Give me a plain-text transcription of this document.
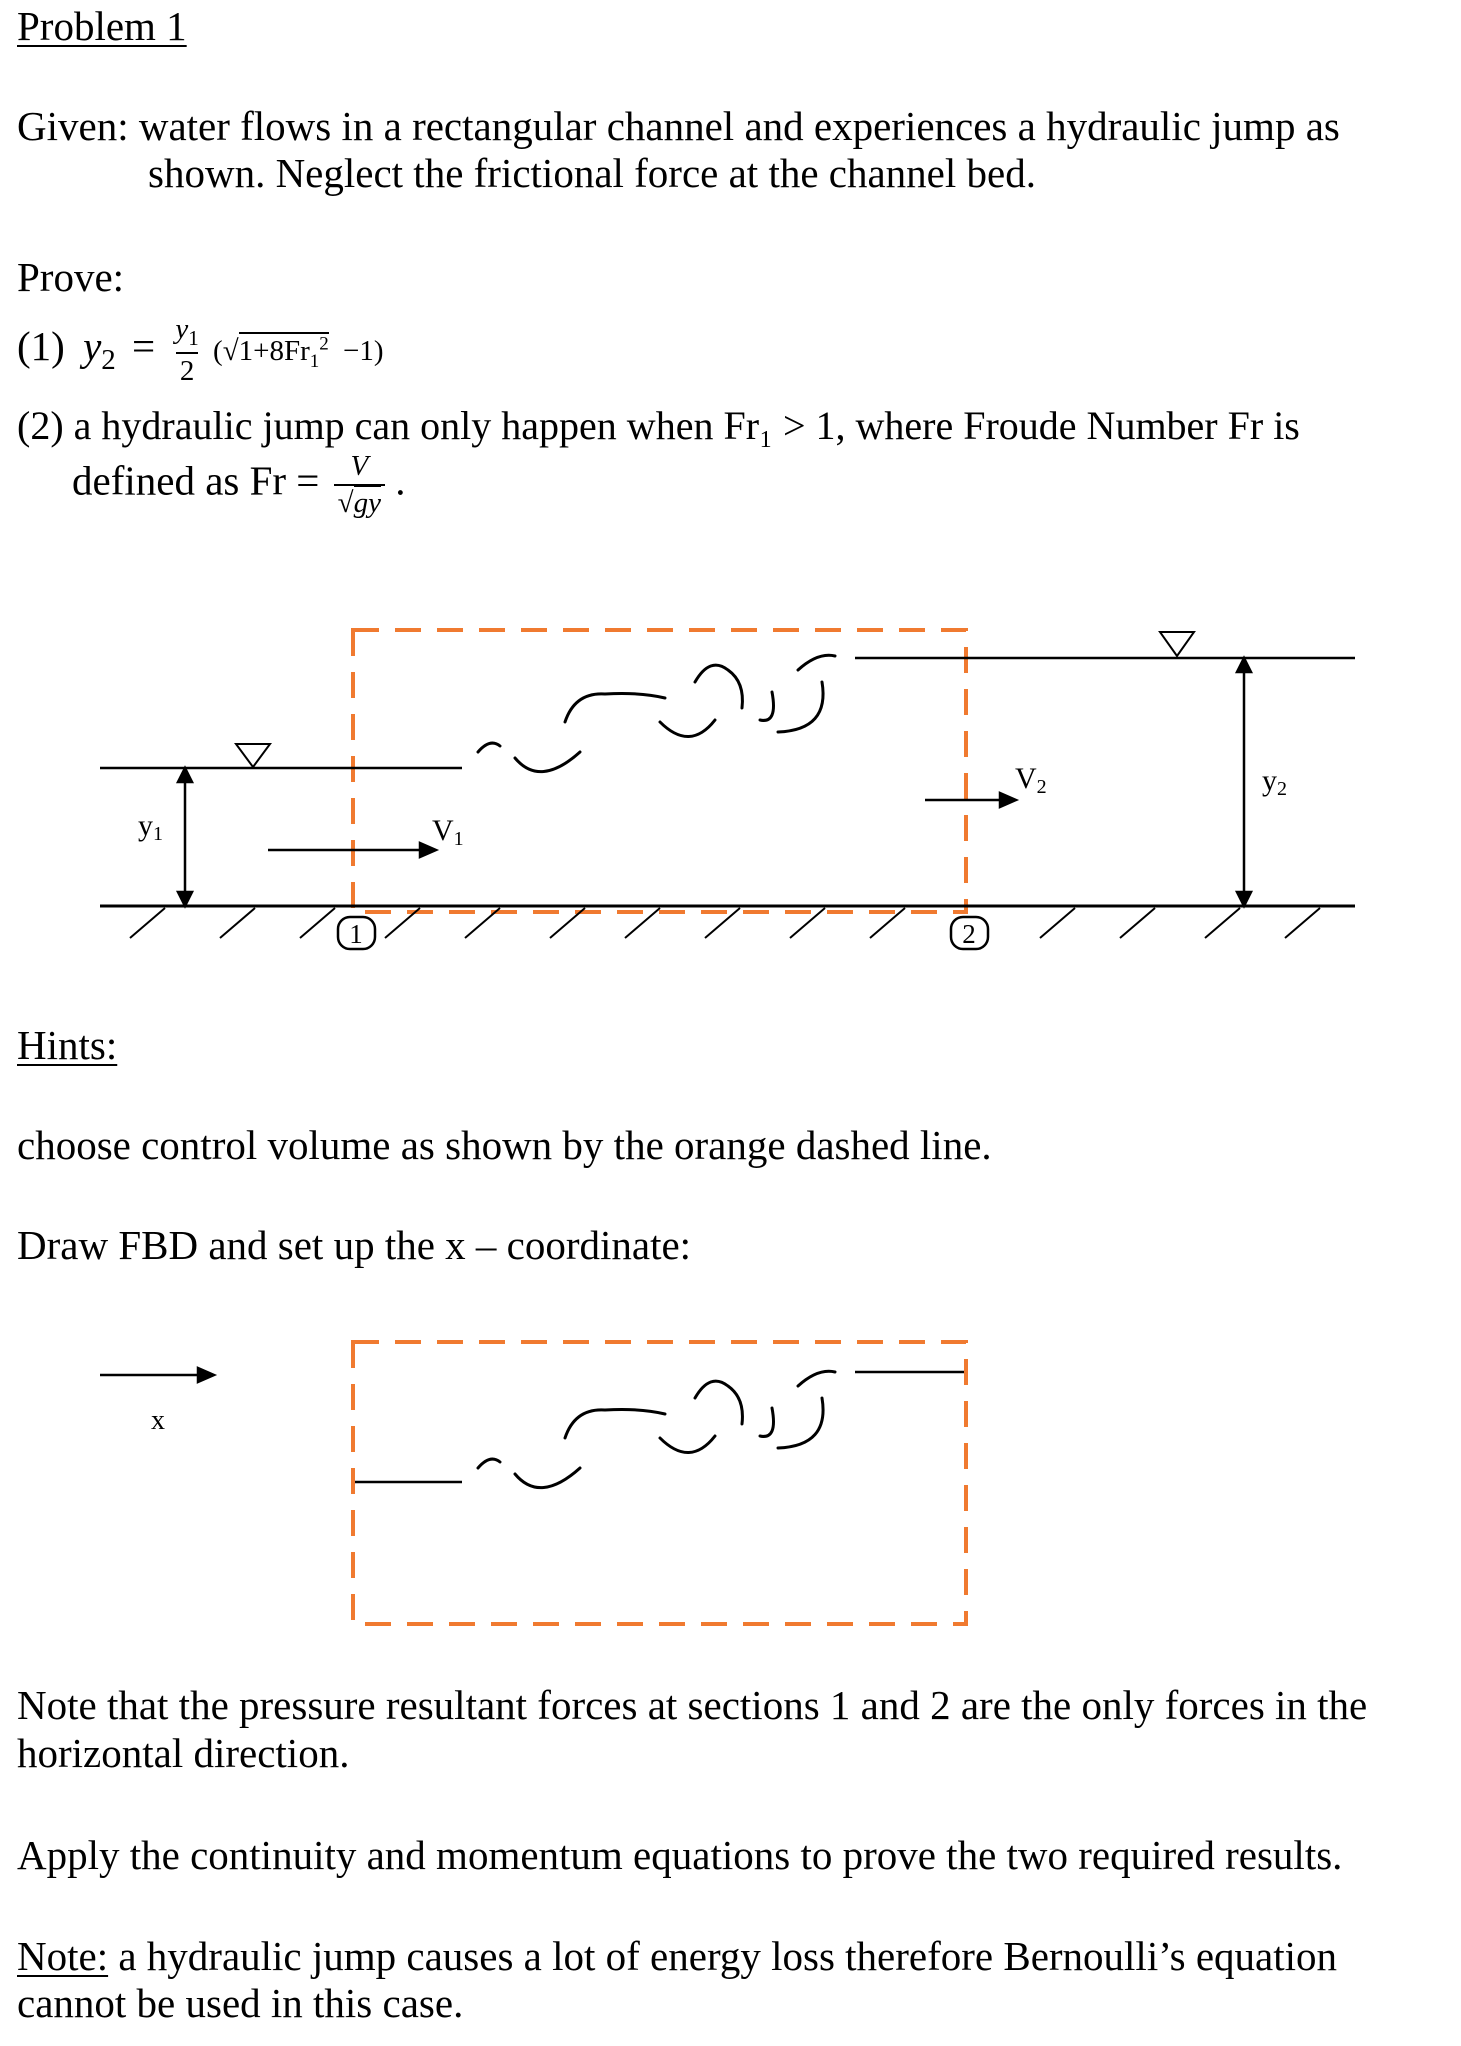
Problem 1
Given: water flows in a rectangular channel and experiences a hydraulic jump as
shown. Neglect the frictional force at the channel bed.
Prove:
(1) $y_2 = \frac{y_1}{2} (√1+8Fr_1^2 -1)$
(2) a hydraulic jump can only happen when Fr₁ > 1, where Froude Number Fr is
defined as $Fr = \frac{V}{√gy}$ .
y1
y2
V1
V2
1	2
Hints:
choose control volume as shown by the orange dashed line.
Draw FBD and set up the x – coordinate:
x
Note that the pressure resultant forces at sections 1 and 2 are the only forces in the
horizontal direction.
Apply the continuity and momentum equations to prove the two required results.
Note: a hydraulic jump causes a lot of energy loss therefore Bernoulli’s equation
cannot be used in this case.
